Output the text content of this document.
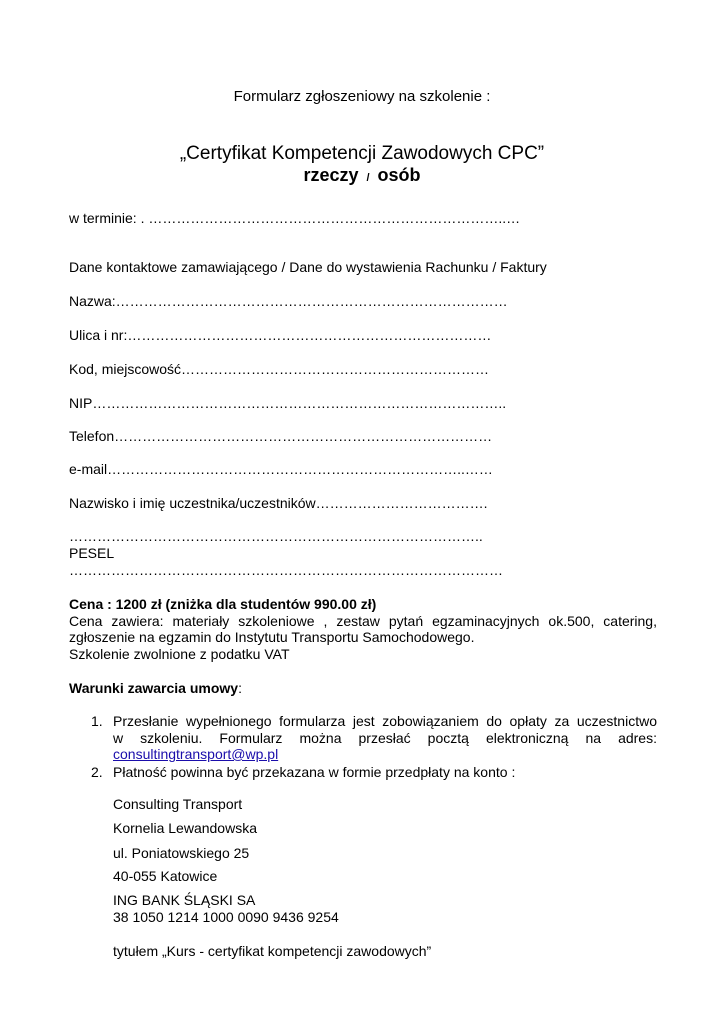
Formularz zgłoszeniowy na szkolenie :
„Certyfikat Kompetencji Zawodowych CPC”
rzeczy / osób
w terminie: . …………………………………………………………………..…
Dane kontaktowe zamawiającego / Dane do wystawienia Rachunku / Faktury
Nazwa:…………………………………………………………………………
Ulica i nr:……………………………………………………………………
Kod, miejscowość…………………………………………………………
NIP……………………………………………………………………………..
Telefon………………………………………………………………………
e-mail…………………………………………………………………..……
Nazwisko i imię uczestnika/uczestników……………………………….
……………………………………………………………………………..
PESEL
…………………………………………………………………………………
Cena : 1200 zł (zniżka dla studentów 990.00 zł)
Cena zawiera: materiały szkoleniowe , zestaw pytań egzaminacyjnych ok.500, catering,
zgłoszenie na egzamin do Instytutu Transportu Samochodowego.
Szkolenie zwolnione z podatku VAT
Warunki zawarcia umowy:
1. Przesłanie wypełnionego formularza jest zobowiązaniem do opłaty za uczestnictwo
w szkoleniu. Formularz można przesłać pocztą elektroniczną na adres:
consultingtransport@wp.pl
2. Płatność powinna być przekazana w formie przedpłaty na konto :
Consulting Transport
Kornelia Lewandowska
ul. Poniatowskiego 25
40-055 Katowice
ING BANK ŚLĄSKI SA
38 1050 1214 1000 0090 9436 9254
tytułem „Kurs - certyfikat kompetencji zawodowych”
